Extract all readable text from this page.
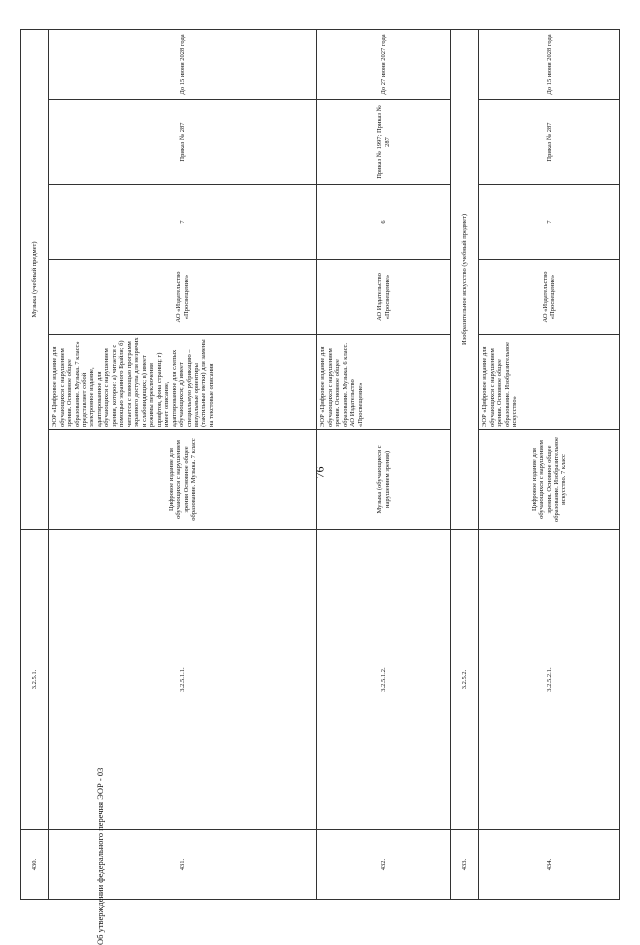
76
430.	3.2.5.1.	Музыка (учебный предмет)					
431.	3.2.5.1.1.	Цифровое издание для обучающихся с нарушением зрения Основное общее образование. Музыка. 7 класс	ЭОР «Цифровое издание для обучающихся с нарушением зрения. Основное общее образование. Музыка. 7 класс» представляет собой электронное издание, адаптированное для обучающихся с нарушением зрения, которое: а) читается с помощью экранного Брайля; б) читается с помощью программ экранного доступа для незрячих и слабовидящих; в) имеет режимы переключения шрифтов, фона страниц; г) имеет описание, адаптированное для слепых обучающихся; д) имеет специальную рубрикацию – визуальные ориентиры (тактильные метки) для замены на текстовые описания	АО «Издательство «Просвещение»	7	Приказ № 287	До 15 июня 2028 года
432.	3.2.5.1.2.	Музыка (обучающиеся с нарушением зрения)	ЭОР «Цифровое издание для обучающихся с нарушением зрения. Основное общее образование. Музыка. 6 класс. АО Издательство «Просвещение»	АО Издательство «Просвещение»	6	Приказ № 1997; Приказ № 287	До 27 июня 2027 года
433.	3.2.5.2.	Изобразительное искусство (учебный предмет)					
434.	3.2.5.2.1.	Цифровое издание для обучающихся с нарушением зрения. Основное общее образование. Изобразительное искусство. 7 класс	ЭОР «Цифровое издание для обучающихся с нарушением зрения. Основное общее образование. Изобразительное искусство»	АО «Издательство «Просвещение»	7	Приказ № 287	До 15 июня 2028 года
Об утверждении федерального перечня ЭОР - 03
